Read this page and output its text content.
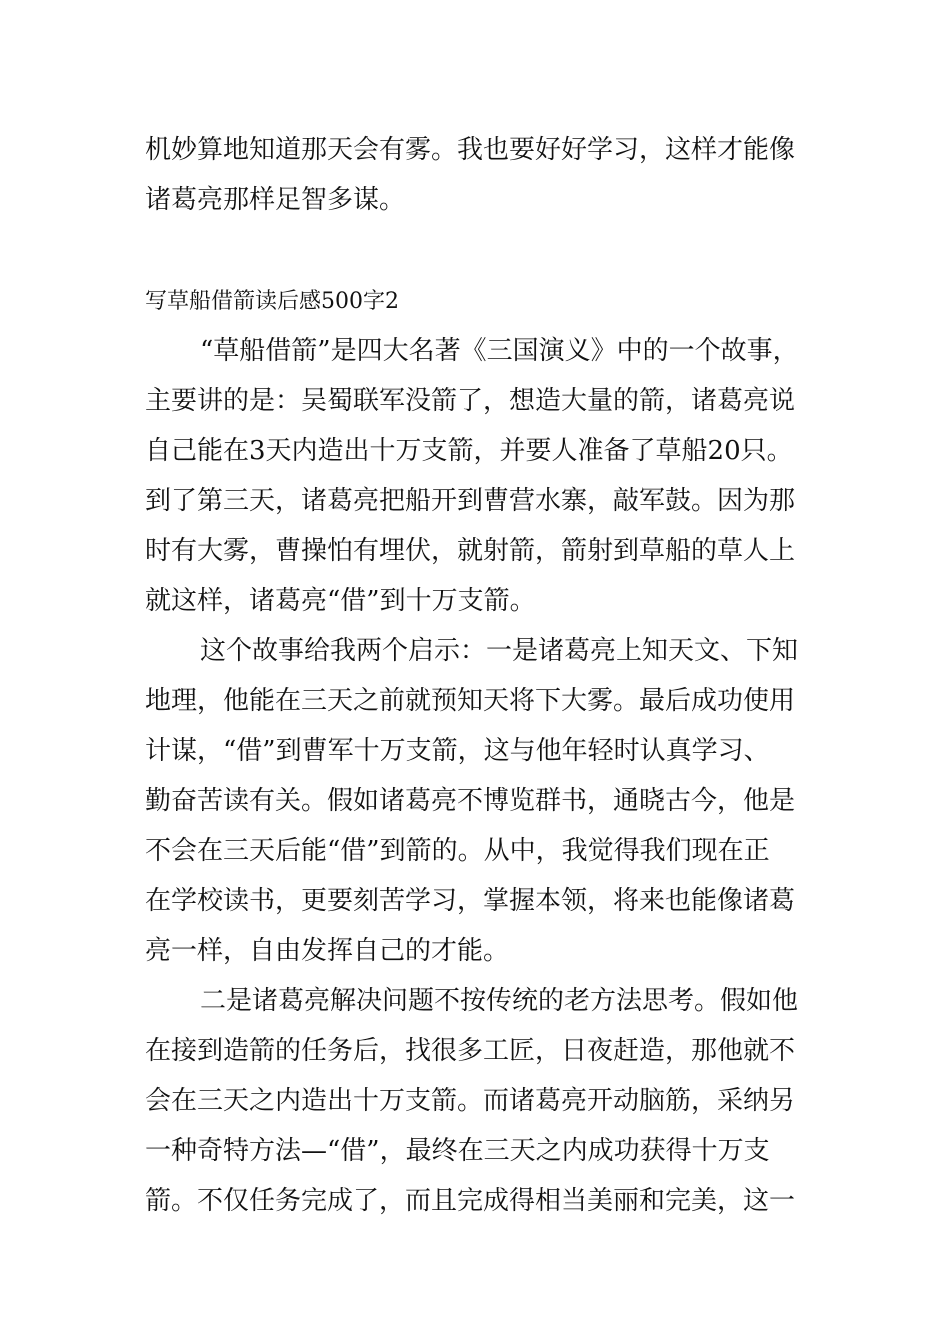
机妙算地知道那天会有雾。我也要好好学习，这样才能像
诸葛亮那样足智多谋。
写草船借箭读后感500字2
“草船借箭”是四大名著《三国演义》中的一个故事，
主要讲的是：吴蜀联军没箭了，想造大量的箭，诸葛亮说
自己能在3天内造出十万支箭，并要人准备了草船20只。
到了第三天，诸葛亮把船开到曹营水寨，敲军鼓。因为那
时有大雾，曹操怕有埋伏，就射箭，箭射到草船的草人上
就这样，诸葛亮“借”到十万支箭。
这个故事给我两个启示：一是诸葛亮上知天文、下知
地理，他能在三天之前就预知天将下大雾。最后成功使用
计谋，“借”到曹军十万支箭，这与他年轻时认真学习、
勤奋苦读有关。假如诸葛亮不博览群书，通晓古今，他是
不会在三天后能“借”到箭的。从中，我觉得我们现在正
在学校读书，更要刻苦学习，掌握本领，将来也能像诸葛
亮一样，自由发挥自己的才能。
二是诸葛亮解决问题不按传统的老方法思考。假如他
在接到造箭的任务后，找很多工匠，日夜赶造，那他就不
会在三天之内造出十万支箭。而诸葛亮开动脑筋，采纳另
一种奇特方法—“借”，最终在三天之内成功获得十万支
箭。不仅任务完成了，而且完成得相当美丽和完美，这一
